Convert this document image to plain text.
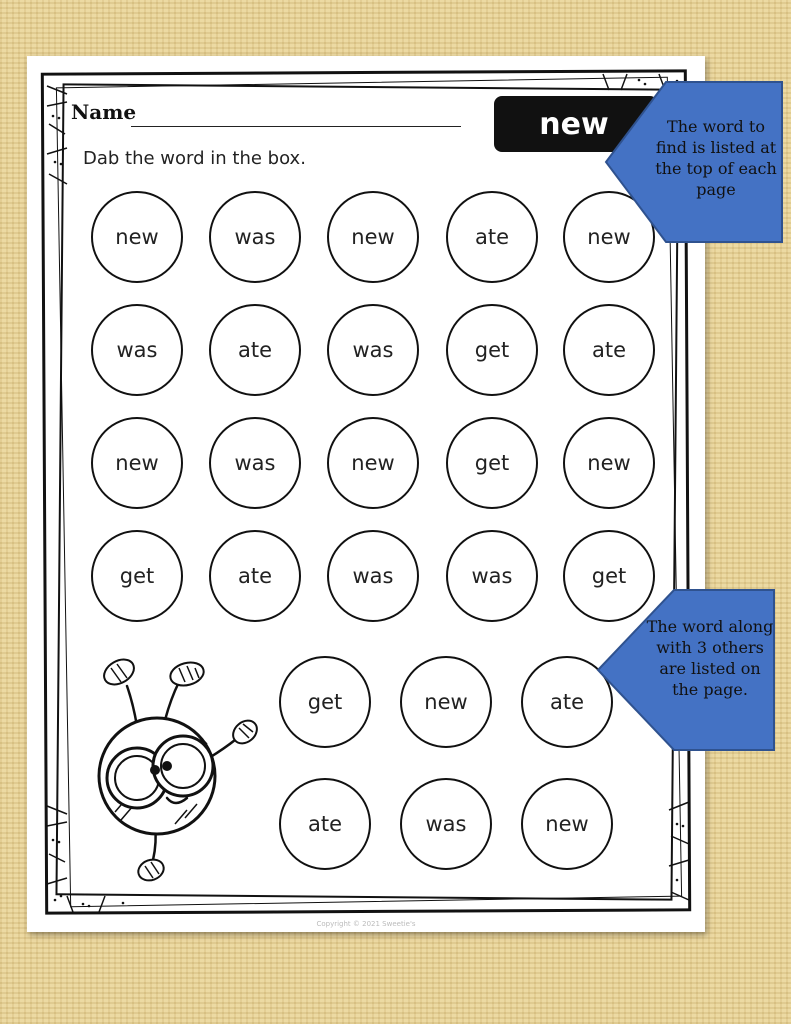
Name	new
Dab the word in the box.
new	was	new	ate	new
was	ate	was	get	ate
new	was	new	get	new
get	ate	was	was	get
get	new	ate
ate	was	new
Copyright © 2021 Sweetie's
The word to find is listed at the top of each page
The word along with 3 others are listed on the page.
